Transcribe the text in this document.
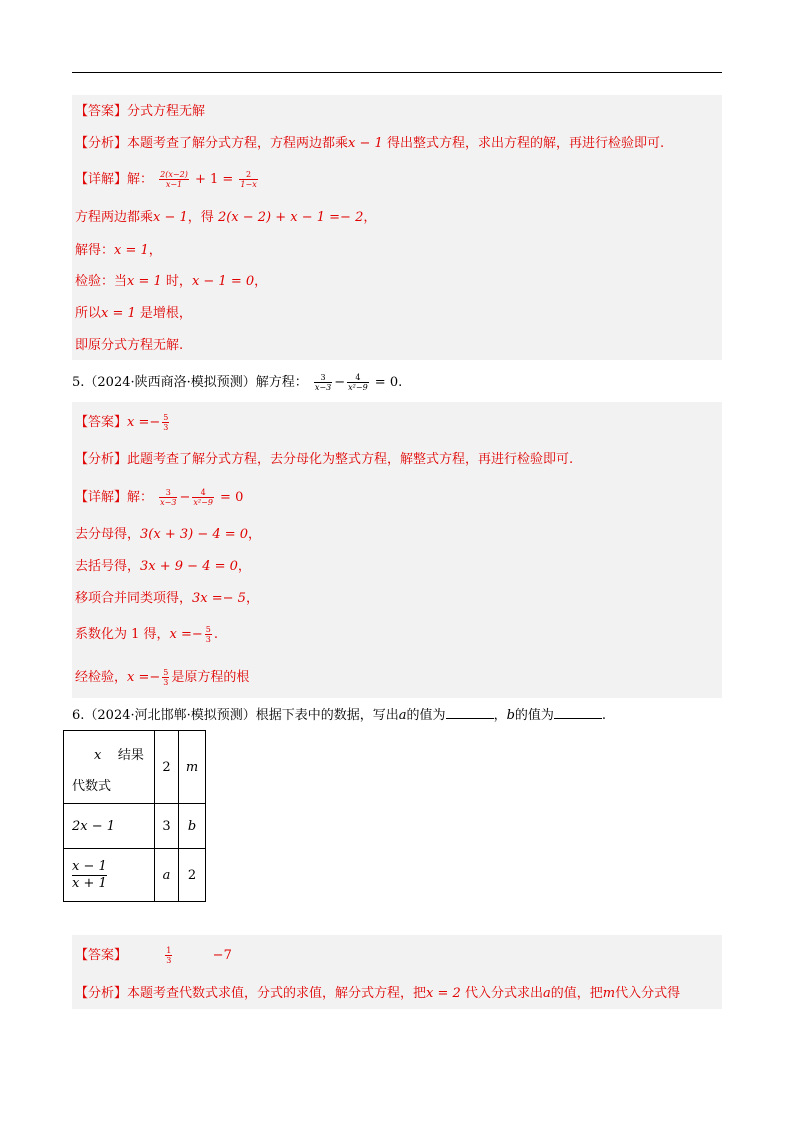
【答案】分式方程无解
【分析】本题考查了解分式方程，方程两边都乘x − 1 得出整式方程，求出方程的解，再进行检验即可.
【详解】解： $\frac{2(x-2)}{x-1} + 1 = \frac{2}{1-x}$
方程两边都乘x − 1，得 2(x − 2) + x − 1 =− 2，
解得：x = 1，
检验：当x = 1 时，x − 1 = 0，
所以x = 1 是增根，
即原分式方程无解.
5.（2024·陕西商洛·模拟预测）解方程： $\frac{3}{x-3} - \frac{4}{\text{x²−9}} = 0$.
【答案】$x =- \frac{5}{3}$
【分析】此题考查了解分式方程，去分母化为整式方程，解整式方程，再进行检验即可.
【详解】解： $\frac{3}{x-3} - \frac{4}{\text{x²−9}} = 0$
去分母得，3(x + 3) − 4 = 0，
去括号得，3x + 9 − 4 = 0，
移项合并同类项得，3x =− 5，
系数化为 1 得，$x =- \frac{5}{3}$ .
经检验，$x =- \frac{5}{3}$ 是原方程的根
6.（2024·河北邯郸·模拟预测）根据下表中的数据，写出a的值为	，b的值为	.
x 结果
代数式	2	m
2x − 1	3	b

$\frac{x - 1}{x + 1}$	a	2
【答案】	$\frac{1}{3}$	−7
【分析】本题考查代数式求值，分式的求值，解分式方程，把x = 2 代入分式求出a的值，把m代入分式得
